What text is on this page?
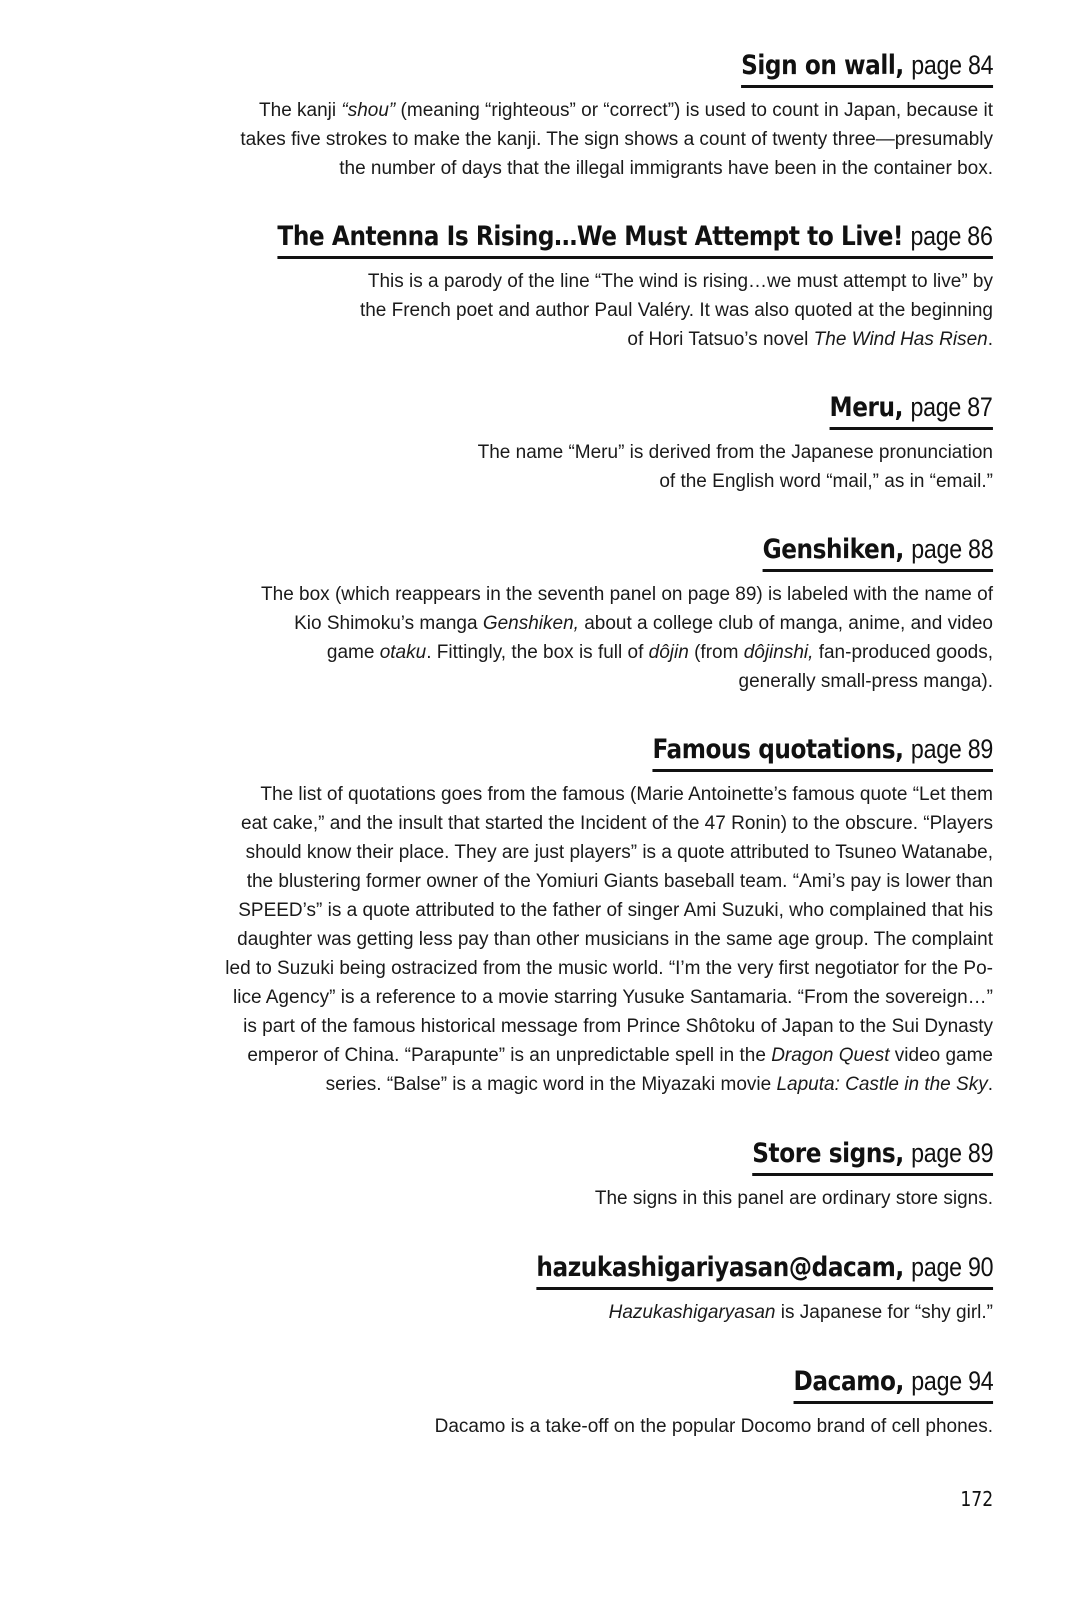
Sign on wall, page 84
The kanji “shou” (meaning “righteous” or “correct”) is used to count in Japan, because it
takes five strokes to make the kanji. The sign shows a count of twenty three—presumably
the number of days that the illegal immigrants have been in the container box.
The Antenna Is Rising…We Must Attempt to Live! page 86
This is a parody of the line “The wind is rising…we must attempt to live” by
the French poet and author Paul Valéry. It was also quoted at the beginning
of Hori Tatsuo’s novel The Wind Has Risen.
Meru, page 87
The name “Meru” is derived from the Japanese pronunciation
of the English word “mail,” as in “email.”
Genshiken, page 88
The box (which reappears in the seventh panel on page 89) is labeled with the name of
Kio Shimoku’s manga Genshiken, about a college club of manga, anime, and video
game otaku. Fittingly, the box is full of dôjin (from dôjinshi, fan-produced goods,
generally small-press manga).
Famous quotations, page 89
The list of quotations goes from the famous (Marie Antoinette’s famous quote “Let them
eat cake,” and the insult that started the Incident of the 47 Ronin) to the obscure. “Players
should know their place. They are just players” is a quote attributed to Tsuneo Watanabe,
the blustering former owner of the Yomiuri Giants baseball team. “Ami’s pay is lower than
SPEED’s” is a quote attributed to the father of singer Ami Suzuki, who complained that his
daughter was getting less pay than other musicians in the same age group. The complaint
led to Suzuki being ostracized from the music world. “I’m the very first negotiator for the Po-
lice Agency” is a reference to a movie starring Yusuke Santamaria. “From the sovereign…”
is part of the famous historical message from Prince Shôtoku of Japan to the Sui Dynasty
emperor of China. “Parapunte” is an unpredictable spell in the Dragon Quest video game
series. “Balse” is a magic word in the Miyazaki movie Laputa: Castle in the Sky.
Store signs, page 89
The signs in this panel are ordinary store signs.
hazukashigariyasan@dacam, page 90
Hazukashigaryasan is Japanese for “shy girl.”
Dacamo, page 94
Dacamo is a take-off on the popular Docomo brand of cell phones.
172
